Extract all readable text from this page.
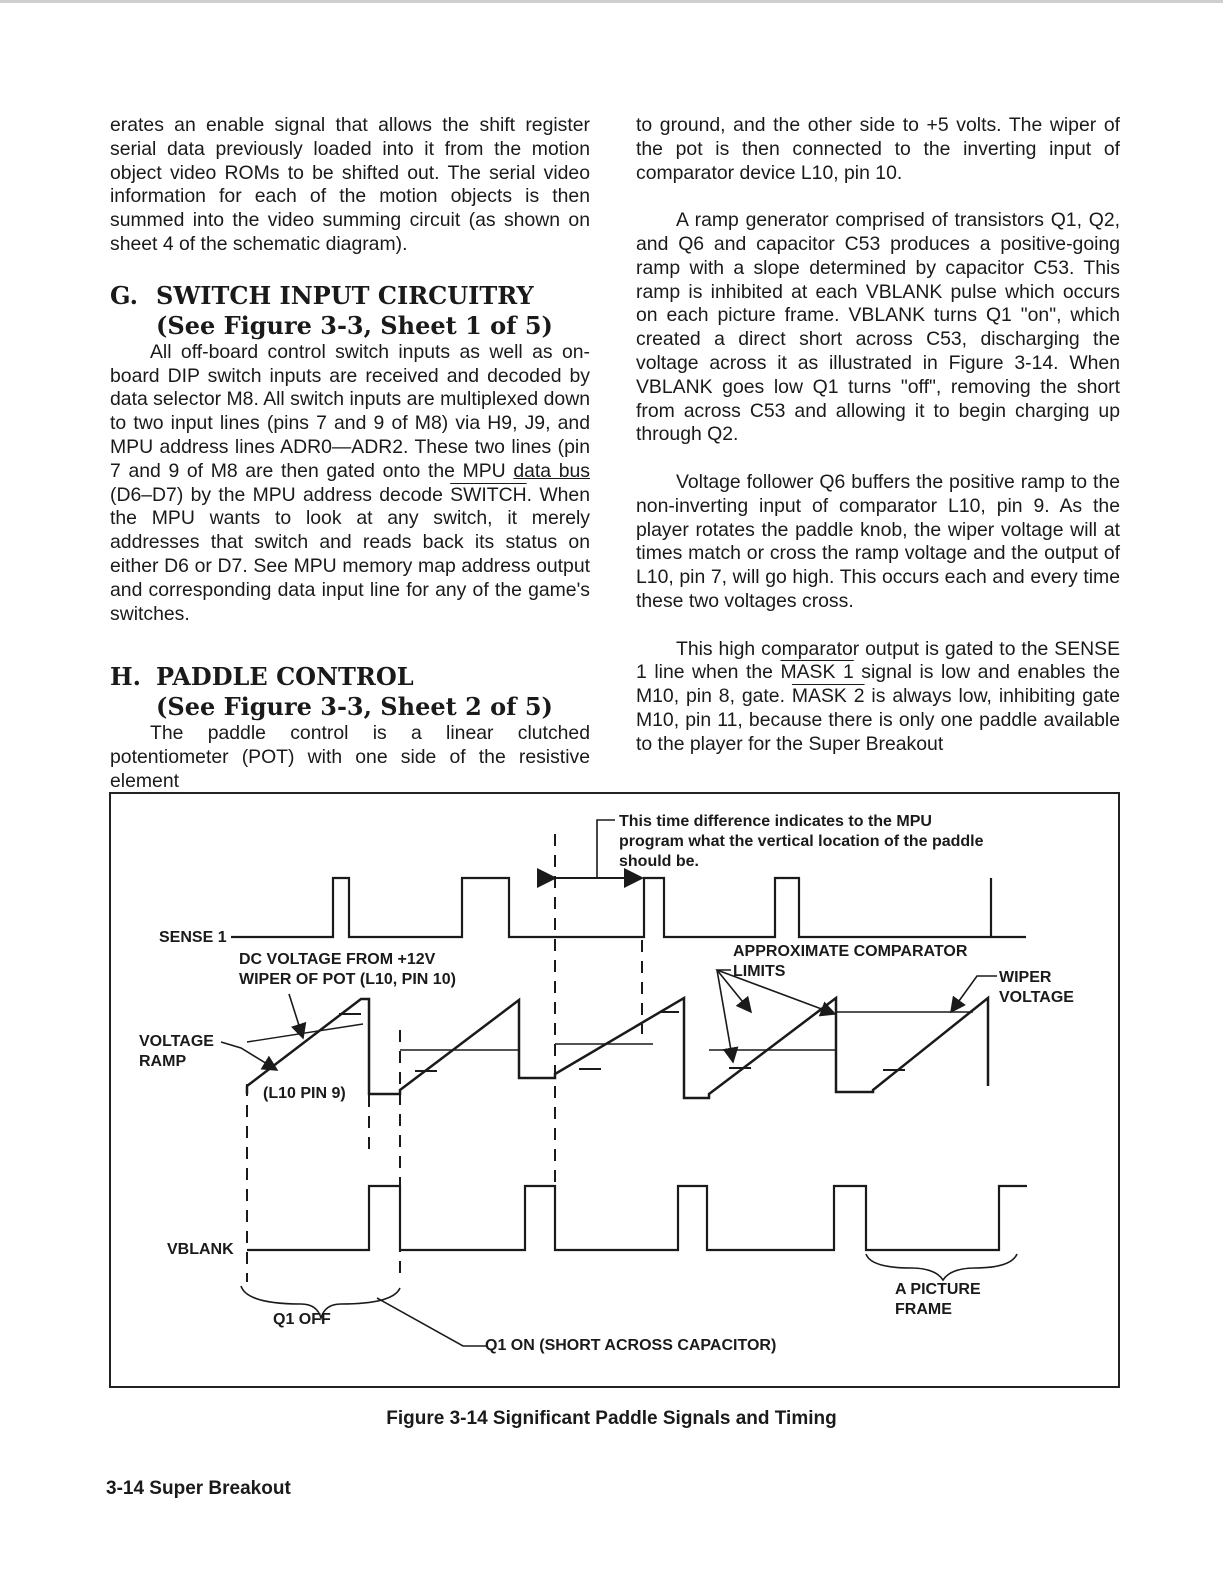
erates an enable signal that allows the shift register serial data previously loaded into it from the motion object video ROMs to be shifted out. The serial video information for each of the motion objects is then summed into the video summing circuit (as shown on sheet 4 of the schematic diagram).

G. SWITCH INPUT CIRCUITRY
(See Figure 3-3, Sheet 1 of 5)

All off-board control switch inputs as well as on-board DIP switch inputs are received and decoded by data selector M8. All switch inputs are multiplexed down to two input lines (pins 7 and 9 of M8) via H9, J9, and MPU address lines ADR0—ADR2. These two lines (pin 7 and 9 of M8 are then gated onto the MPU data bus (D6–D7) by the MPU address decode SWITCH. When the MPU wants to look at any switch, it merely addresses that switch and reads back its status on either D6 or D7. See MPU memory map address output and corresponding data input line for any of the game's switches.

H. PADDLE CONTROL
(See Figure 3-3, Sheet 2 of 5)

The paddle control is a linear clutched potentiometer (POT) with one side of the resistive element

to ground, and the other side to +5 volts. The wiper of the pot is then connected to the inverting input of comparator device L10, pin 10.

A ramp generator comprised of transistors Q1, Q2, and Q6 and capacitor C53 produces a positive-going ramp with a slope determined by capacitor C53. This ramp is inhibited at each VBLANK pulse which occurs on each picture frame. VBLANK turns Q1 "on", which created a direct short across C53, discharging the voltage across it as illustrated in Figure 3-14. When VBLANK goes low Q1 turns "off", removing the short from across C53 and allowing it to begin charging up through Q2.

Voltage follower Q6 buffers the positive ramp to the non-inverting input of comparator L10, pin 9. As the player rotates the paddle knob, the wiper voltage will at times match or cross the ramp voltage and the output of L10, pin 7, will go high. This occurs each and every time these two voltages cross.

This high comparator output is gated to the SENSE 1 line when the MASK 1 signal is low and enables the M10, pin 8, gate. MASK 2 is always low, inhibiting gate M10, pin 11, because there is only one paddle available to the player for the Super Breakout

This time difference indicates to the MPU
program what the vertical location of the paddle
should be.
SENSE 1
DC VOLTAGE FROM +12V
WIPER OF POT (L10, PIN 10)
APPROXIMATE COMPARATOR
LIMITS	WIPER
VOLTAGE
VOLTAGE
RAMP
(L10 PIN 9)
VBLANK
Q1 OFF
Q1 ON (SHORT ACROSS CAPACITOR)
A PICTURE
FRAME
Figure 3-14 Significant Paddle Signals and Timing
3-14 Super Breakout
